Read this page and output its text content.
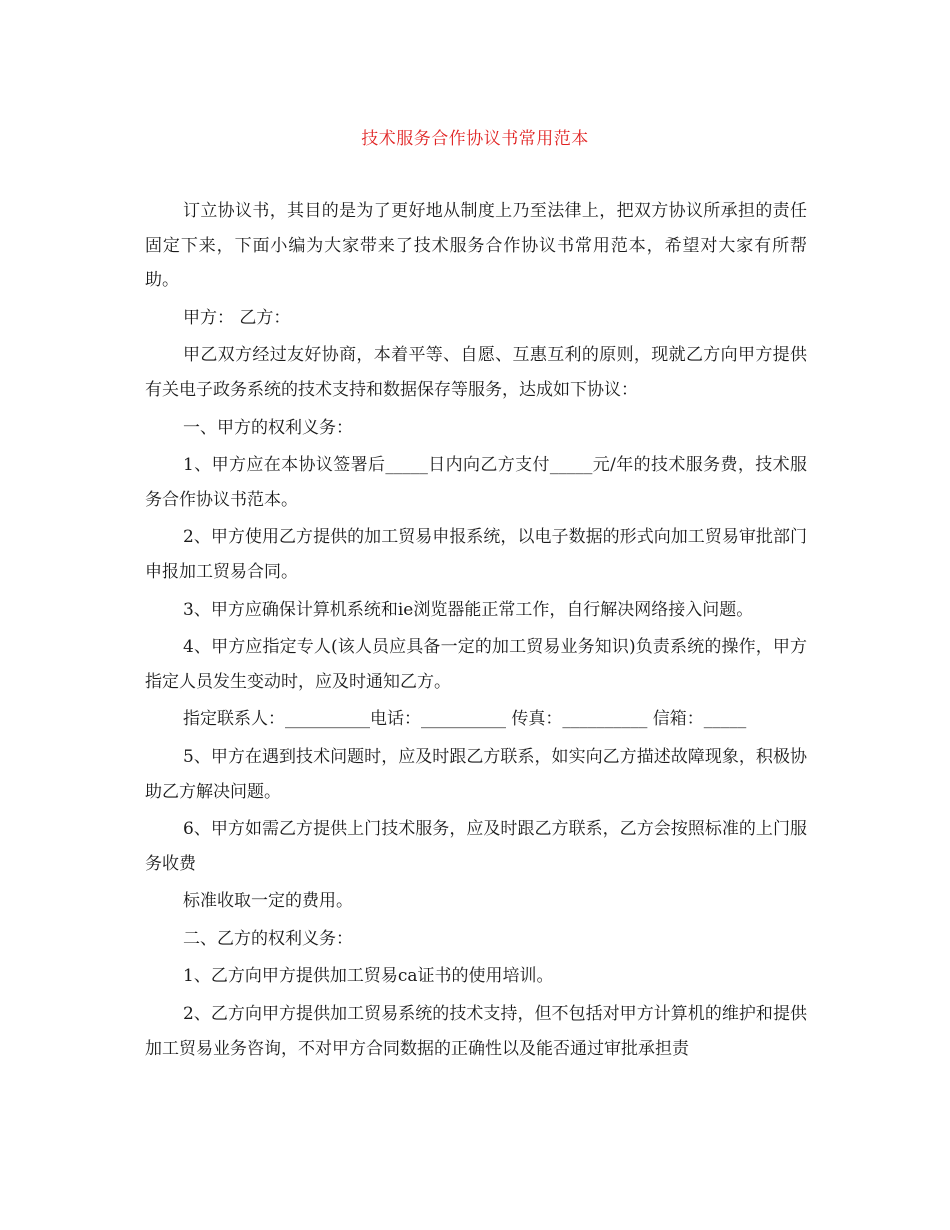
技术服务合作协议书常用范本

订立协议书，其目的是为了更好地从制度上乃至法律上，把双方协议所承担的责任固定下来，下面小编为大家带来了技术服务合作协议书常用范本，希望对大家有所帮助。

甲方： 乙方：

甲乙双方经过友好协商，本着平等、自愿、互惠互利的原则，现就乙方向甲方提供有关电子政务系统的技术支持和数据保存等服务，达成如下协议：

一、甲方的权利义务：

1、甲方应在本协议签署后_____日内向乙方支付_____元/年的技术服务费，技术服务合作协议书范本。

2、甲方使用乙方提供的加工贸易申报系统，以电子数据的形式向加工贸易审批部门申报加工贸易合同。

3、甲方应确保计算机系统和ie浏览器能正常工作，自行解决网络接入问题。

4、甲方应指定专人(该人员应具备一定的加工贸易业务知识)负责系统的操作，甲方指定人员发生变动时，应及时通知乙方。

指定联系人：__________电话：__________ 传真：__________ 信箱：_____

5、甲方在遇到技术问题时，应及时跟乙方联系，如实向乙方描述故障现象，积极协助乙方解决问题。

6、甲方如需乙方提供上门技术服务，应及时跟乙方联系，乙方会按照标准的上门服务收费

标准收取一定的费用。

二、乙方的权利义务：

1、乙方向甲方提供加工贸易ca证书的使用培训。

2、乙方向甲方提供加工贸易系统的技术支持，但不包括对甲方计算机的维护和提供加工贸易业务咨询，不对甲方合同数据的正确性以及能否通过审批承担责
